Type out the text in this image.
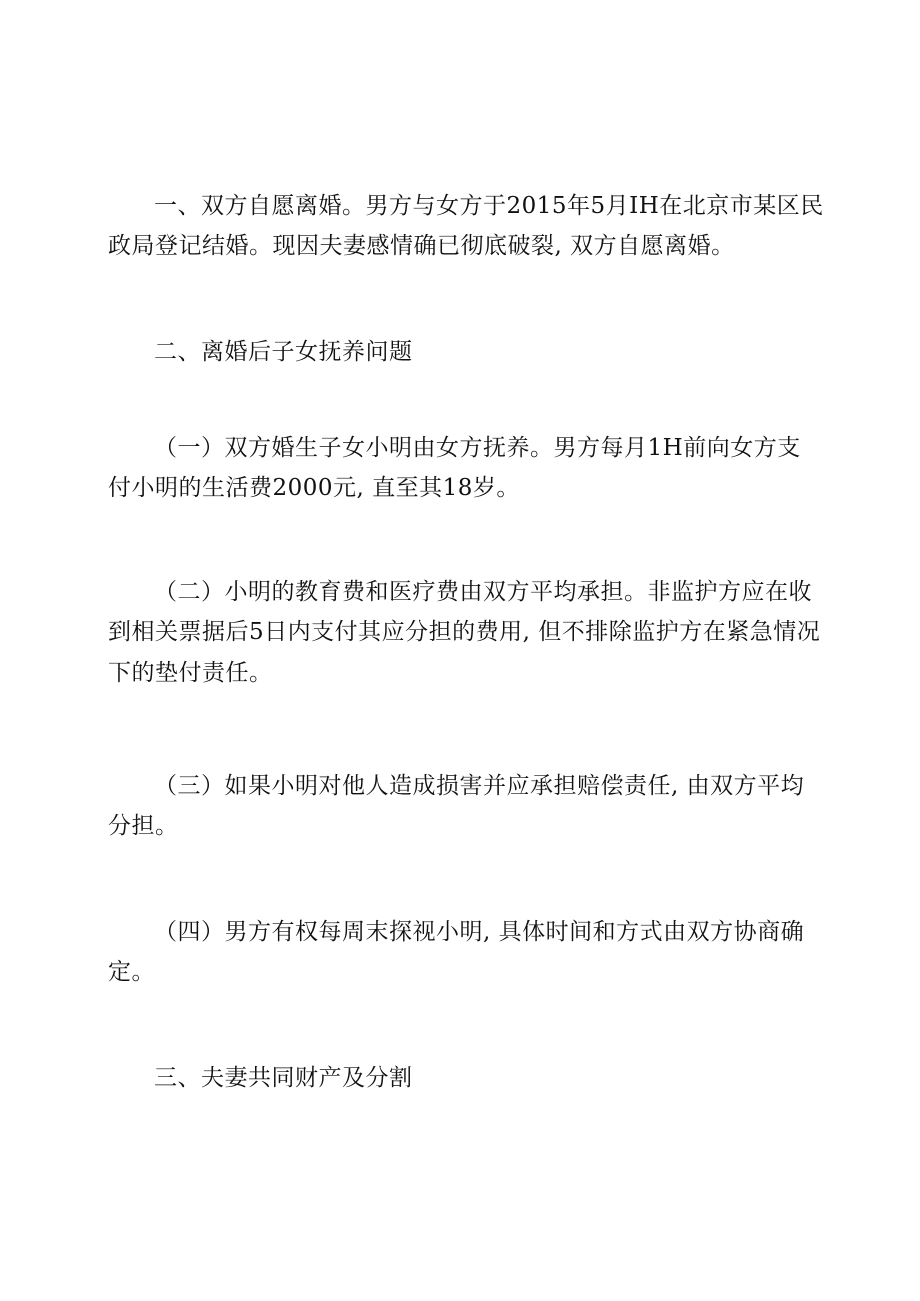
一、双方自愿离婚。男方与女方于2015年5月IH在北京市某区民政局登记结婚。现因夫妻感情确已彻底破裂, 双方自愿离婚。

二、离婚后子女抚养问题

（一）双方婚生子女小明由女方抚养。男方每月1H前向女方支付小明的生活费2000元, 直至其18岁。

（二）小明的教育费和医疗费由双方平均承担。非监护方应在收到相关票据后5日内支付其应分担的费用, 但不排除监护方在紧急情况下的垫付责任。

（三）如果小明对他人造成损害并应承担赔偿责任, 由双方平均分担。

（四）男方有权每周末探视小明, 具体时间和方式由双方协商确定。

三、夫妻共同财产及分割
